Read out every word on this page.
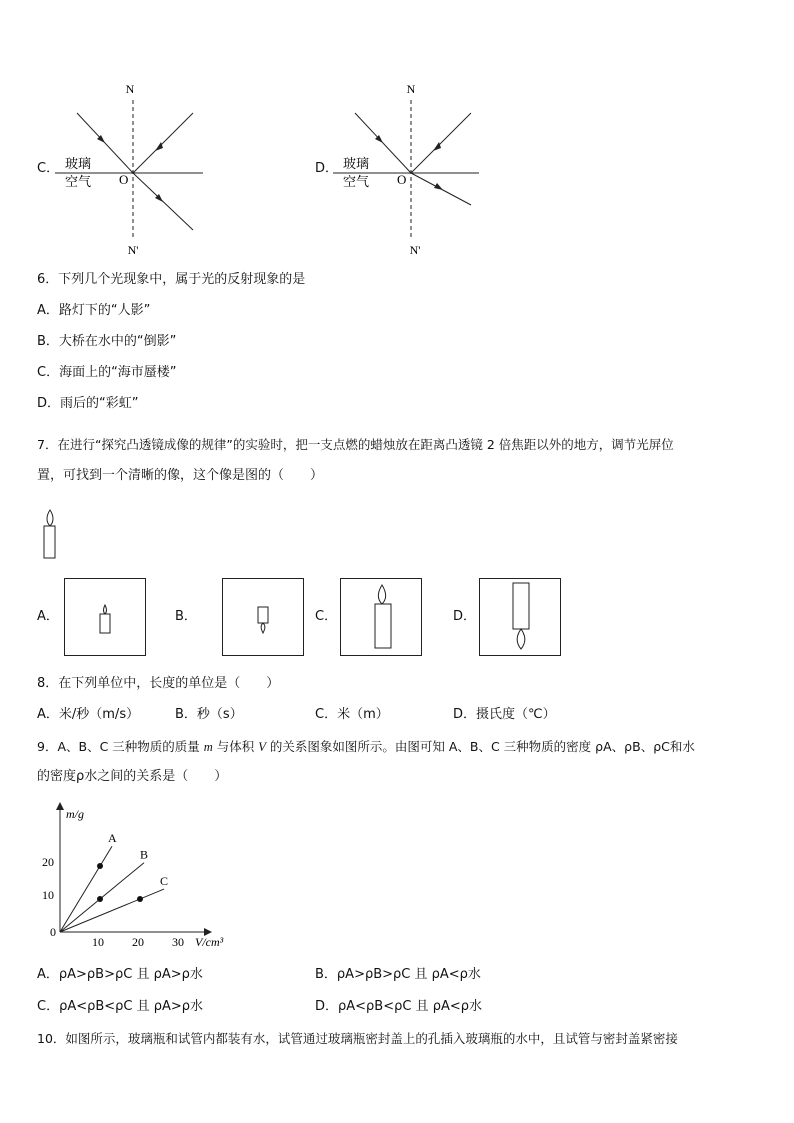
C．
N
N'
玻璃
空气 O
D．
N
N'
玻璃
空气 O
6．下列几个光现象中，属于光的反射现象的是
A．路灯下的“人影”
B．大桥在水中的“倒影”
C．海面上的“海市蜃楼”
D．雨后的“彩虹”
7．在进行“探究凸透镜成像的规律”的实验时，把一支点燃的蜡烛放在距离凸透镜 2 倍焦距以外的地方，调节光屏位
置，可找到一个清晰的像，这个像是图的（　　）
A．	B．	C．	D．
8．在下列单位中，长度的单位是（　　）
A．米/秒（m/s）	B．秒（s）	C．米（m）	D．摄氏度（℃）
9．A、B、C 三种物质的质量 m 与体积 V 的关系图象如图所示。由图可知 A、B、C 三种物质的密度 ρA、ρB、ρC和水
的密度ρ水之间的关系是（　　）
m/g
V/cm³
0
10 20 30
10
20
A
B
C
A．ρA>ρB>ρC 且 ρA>ρ水	B．ρA>ρB>ρC 且 ρA<ρ水
C．ρA<ρB<ρC 且 ρA>ρ水	D．ρA<ρB<ρC 且 ρA<ρ水
10．如图所示，玻璃瓶和试管内都装有水，试管通过玻璃瓶密封盖上的孔插入玻璃瓶的水中，且试管与密封盖紧密接
